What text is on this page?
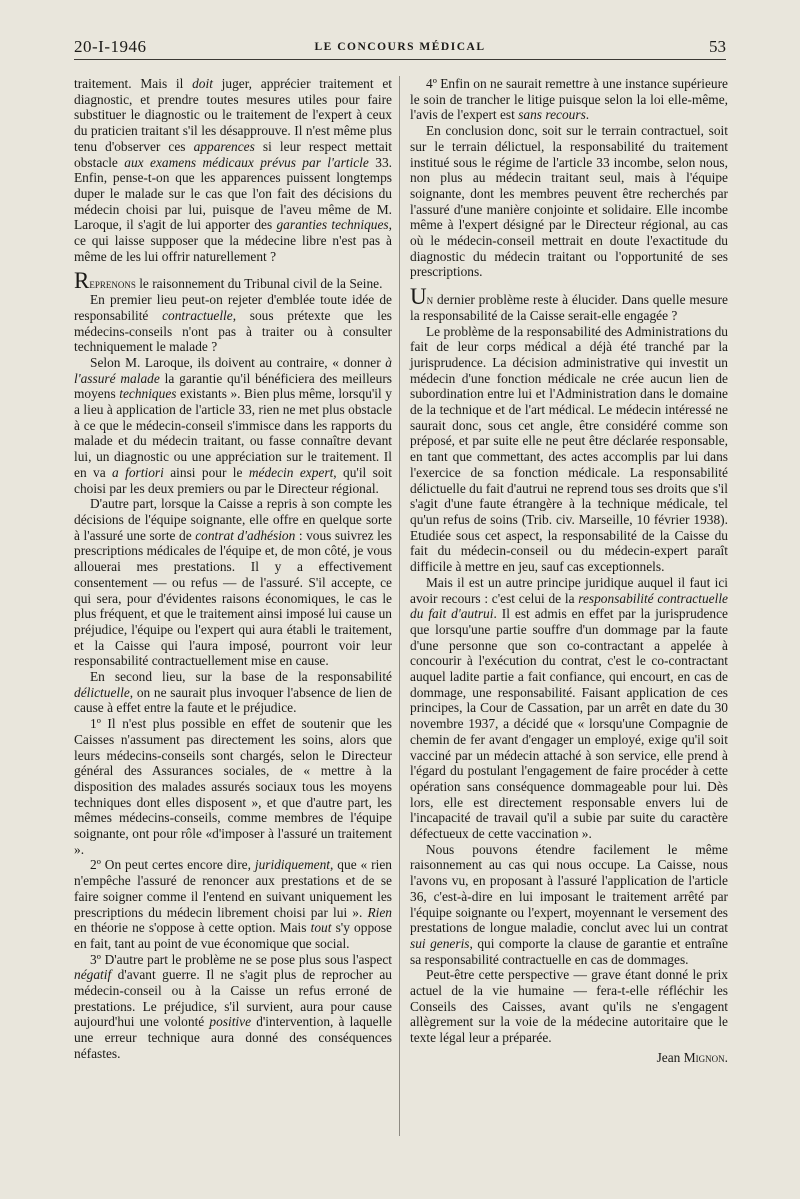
20-I-1946	LE CONCOURS MÉDICAL	53

traitement. Mais il doit juger, apprécier traitement et diagnostic, et prendre toutes mesures utiles pour faire substituer le diagnostic ou le traitement de l'expert à ceux du praticien traitant s'il les désapprouve. Il n'est même plus tenu d'observer ces apparences si leur respect mettait obstacle aux examens médicaux prévus par l'article 33. Enfin, pense-t-on que les apparences puissent longtemps duper le malade sur le cas que l'on fait des décisions du médecin choisi par lui, puisque de l'aveu même de M. Laroque, il s'agit de lui apporter des garanties techniques, ce qui laisse supposer que la médecine libre n'est pas à même de les lui offrir naturellement ?

Reprenons le raisonnement du Tribunal civil de la Seine.

En premier lieu peut-on rejeter d'emblée toute idée de responsabilité contractuelle, sous prétexte que les médecins-conseils n'ont pas à traiter ou à consulter techniquement le malade ?

Selon M. Laroque, ils doivent au contraire, « donner à l'assuré malade la garantie qu'il bénéficiera des meilleurs moyens techniques existants ». Bien plus même, lorsqu'il y a lieu à application de l'article 33, rien ne met plus obstacle à ce que le médecin-conseil s'immisce dans les rapports du malade et du médecin traitant, ou fasse connaître devant lui, un diagnostic ou une appréciation sur le traitement. Il en va a fortiori ainsi pour le médecin expert, qu'il soit choisi par les deux premiers ou par le Directeur régional.

D'autre part, lorsque la Caisse a repris à son compte les décisions de l'équipe soignante, elle offre en quelque sorte à l'assuré une sorte de contrat d'adhésion : vous suivrez les prescriptions médicales de l'équipe et, de mon côté, je vous allouerai mes prestations. Il y a effectivement consentement — ou refus — de l'assuré. S'il accepte, ce qui sera, pour d'évidentes raisons économiques, le cas le plus fréquent, et que le traitement ainsi imposé lui cause un préjudice, l'équipe ou l'expert qui aura établi le traitement, et la Caisse qui l'aura imposé, pourront voir leur responsabilité contractuellement mise en cause.

En second lieu, sur la base de la responsabilité délictuelle, on ne saurait plus invoquer l'absence de lien de cause à effet entre la faute et le préjudice.

1º Il n'est plus possible en effet de soutenir que les Caisses n'assument pas directement les soins, alors que leurs médecins-conseils sont chargés, selon le Directeur général des Assurances sociales, de « mettre à la disposition des malades assurés sociaux tous les moyens techniques dont elles disposent », et que d'autre part, les mêmes médecins-conseils, comme membres de l'équipe soignante, ont pour rôle «d'imposer à l'assuré un traitement ».

2º On peut certes encore dire, juridiquement, que « rien n'empêche l'assuré de renoncer aux prestations et de se faire soigner comme il l'entend en suivant uniquement les prescriptions du médecin librement choisi par lui ». Rien en théorie ne s'oppose à cette option. Mais tout s'y oppose en fait, tant au point de vue économique que social.

3º D'autre part le problème ne se pose plus sous l'aspect négatif d'avant guerre. Il ne s'agit plus de reprocher au médecin-conseil ou à la Caisse un refus erroné de prestations. Le préjudice, s'il survient, aura pour cause aujourd'hui une volonté positive d'intervention, à laquelle une erreur technique aura donné des conséquences néfastes.

4º Enfin on ne saurait remettre à une instance supérieure le soin de trancher le litige puisque selon la loi elle-même, l'avis de l'expert est sans recours.

En conclusion donc, soit sur le terrain contractuel, soit sur le terrain délictuel, la responsabilité du traitement institué sous le régime de l'article 33 incombe, selon nous, non plus au médecin traitant seul, mais à l'équipe soignante, dont les membres peuvent être recherchés par l'assuré d'une manière conjointe et solidaire. Elle incombe même à l'expert désigné par le Directeur régional, au cas où le médecin-conseil mettrait en doute l'exactitude du diagnostic du médecin traitant ou l'opportunité de ses prescriptions.

Un dernier problème reste à élucider. Dans quelle mesure la responsabilité de la Caisse serait-elle engagée ?

Le problème de la responsabilité des Administrations du fait de leur corps médical a déjà été tranché par la jurisprudence. La décision administrative qui investit un médecin d'une fonction médicale ne crée aucun lien de subordination entre lui et l'Administration dans le domaine de la technique et de l'art médical. Le médecin intéressé ne saurait donc, sous cet angle, être considéré comme son préposé, et par suite elle ne peut être déclarée responsable, en tant que commettant, des actes accomplis par lui dans l'exercice de sa fonction médicale. La responsabilité délictuelle du fait d'autrui ne reprend tous ses droits que s'il s'agit d'une faute étrangère à la technique médicale, tel qu'un refus de soins (Trib. civ. Marseille, 10 février 1938). Etudiée sous cet aspect, la responsabilité de la Caisse du fait du médecin-conseil ou du médecin-expert paraît difficile à mettre en jeu, sauf cas exceptionnels.

Mais il est un autre principe juridique auquel il faut ici avoir recours : c'est celui de la responsabilité contractuelle du fait d'autrui. Il est admis en effet par la jurisprudence que lorsqu'une partie souffre d'un dommage par la faute d'une personne que son co-contractant a appelée à concourir à l'exécution du contrat, c'est le co-contractant auquel ladite partie a fait confiance, qui encourt, en cas de dommage, une responsabilité. Faisant application de ces principes, la Cour de Cassation, par un arrêt en date du 30 novembre 1937, a décidé que « lorsqu'une Compagnie de chemin de fer avant d'engager un employé, exige qu'il soit vacciné par un médecin attaché à son service, elle prend à l'égard du postulant l'engagement de faire procéder à cette opération sans conséquence dommageable pour lui. Dès lors, elle est directement responsable envers lui de l'incapacité de travail qu'il a subie par suite du caractère défectueux de cette vaccination ».

Nous pouvons étendre facilement le même raisonnement au cas qui nous occupe. La Caisse, nous l'avons vu, en proposant à l'assuré l'application de l'article 36, c'est-à-dire en lui imposant le traitement arrêté par l'équipe soignante ou l'expert, moyennant le versement des prestations de longue maladie, conclut avec lui un contrat sui generis, qui comporte la clause de garantie et entraîne sa responsabilité contractuelle en cas de dommages.

Peut-être cette perspective — grave étant donné le prix actuel de la vie humaine — fera-t-elle réfléchir les Conseils des Caisses, avant qu'ils ne s'engagent allègrement sur la voie de la médecine autoritaire que le texte légal leur a préparée.

Jean Mignon.
